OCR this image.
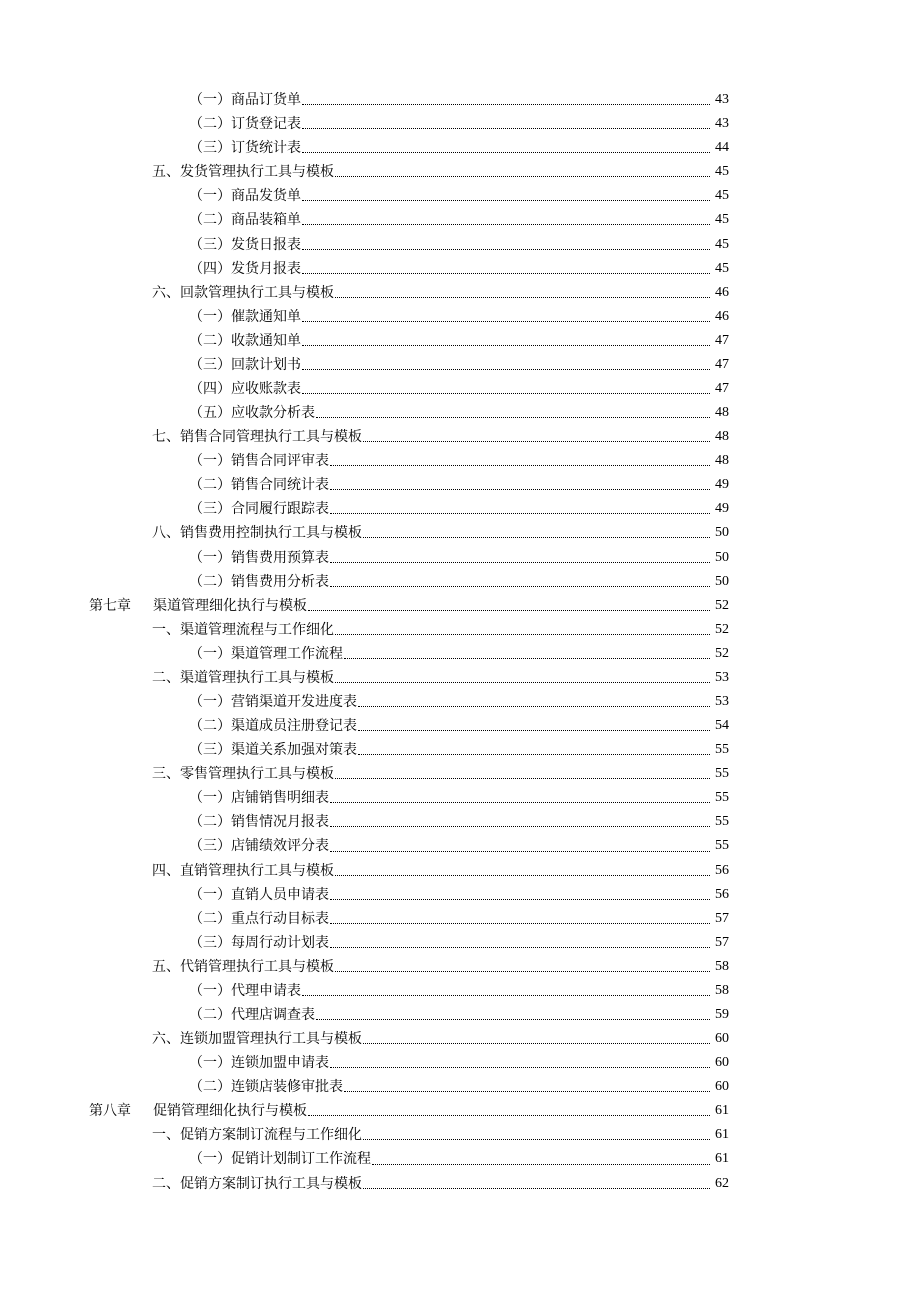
（一）商品订货单	43
（二）订货登记表	43
（三）订货统计表	44
五、发货管理执行工具与模板	45
（一）商品发货单	45
（二）商品装箱单	45
（三）发货日报表	45
（四）发货月报表	45
六、回款管理执行工具与模板	46
（一）催款通知单	46
（二）收款通知单	47
（三）回款计划书	47
（四）应收账款表	47
（五）应收款分析表	48
七、销售合同管理执行工具与模板	48
（一）销售合同评审表	48
（二）销售合同统计表	49
（三）合同履行跟踪表	49
八、销售费用控制执行工具与模板	50
（一）销售费用预算表	50
（二）销售费用分析表	50
第七章 渠道管理细化执行与模板	52
一、渠道管理流程与工作细化	52
（一）渠道管理工作流程	52
二、渠道管理执行工具与模板	53
（一）营销渠道开发进度表	53
（二）渠道成员注册登记表	54
（三）渠道关系加强对策表	55
三、零售管理执行工具与模板	55
（一）店铺销售明细表	55
（二）销售情况月报表	55
（三）店铺绩效评分表	55
四、直销管理执行工具与模板	56
（一）直销人员申请表	56
（二）重点行动目标表	57
（三）每周行动计划表	57
五、代销管理执行工具与模板	58
（一）代理申请表	58
（二）代理店调查表	59
六、连锁加盟管理执行工具与模板	60
（一）连锁加盟申请表	60
（二）连锁店装修审批表	60
第八章 促销管理细化执行与模板	61
一、促销方案制订流程与工作细化	61
（一）促销计划制订工作流程	61
二、促销方案制订执行工具与模板	62
